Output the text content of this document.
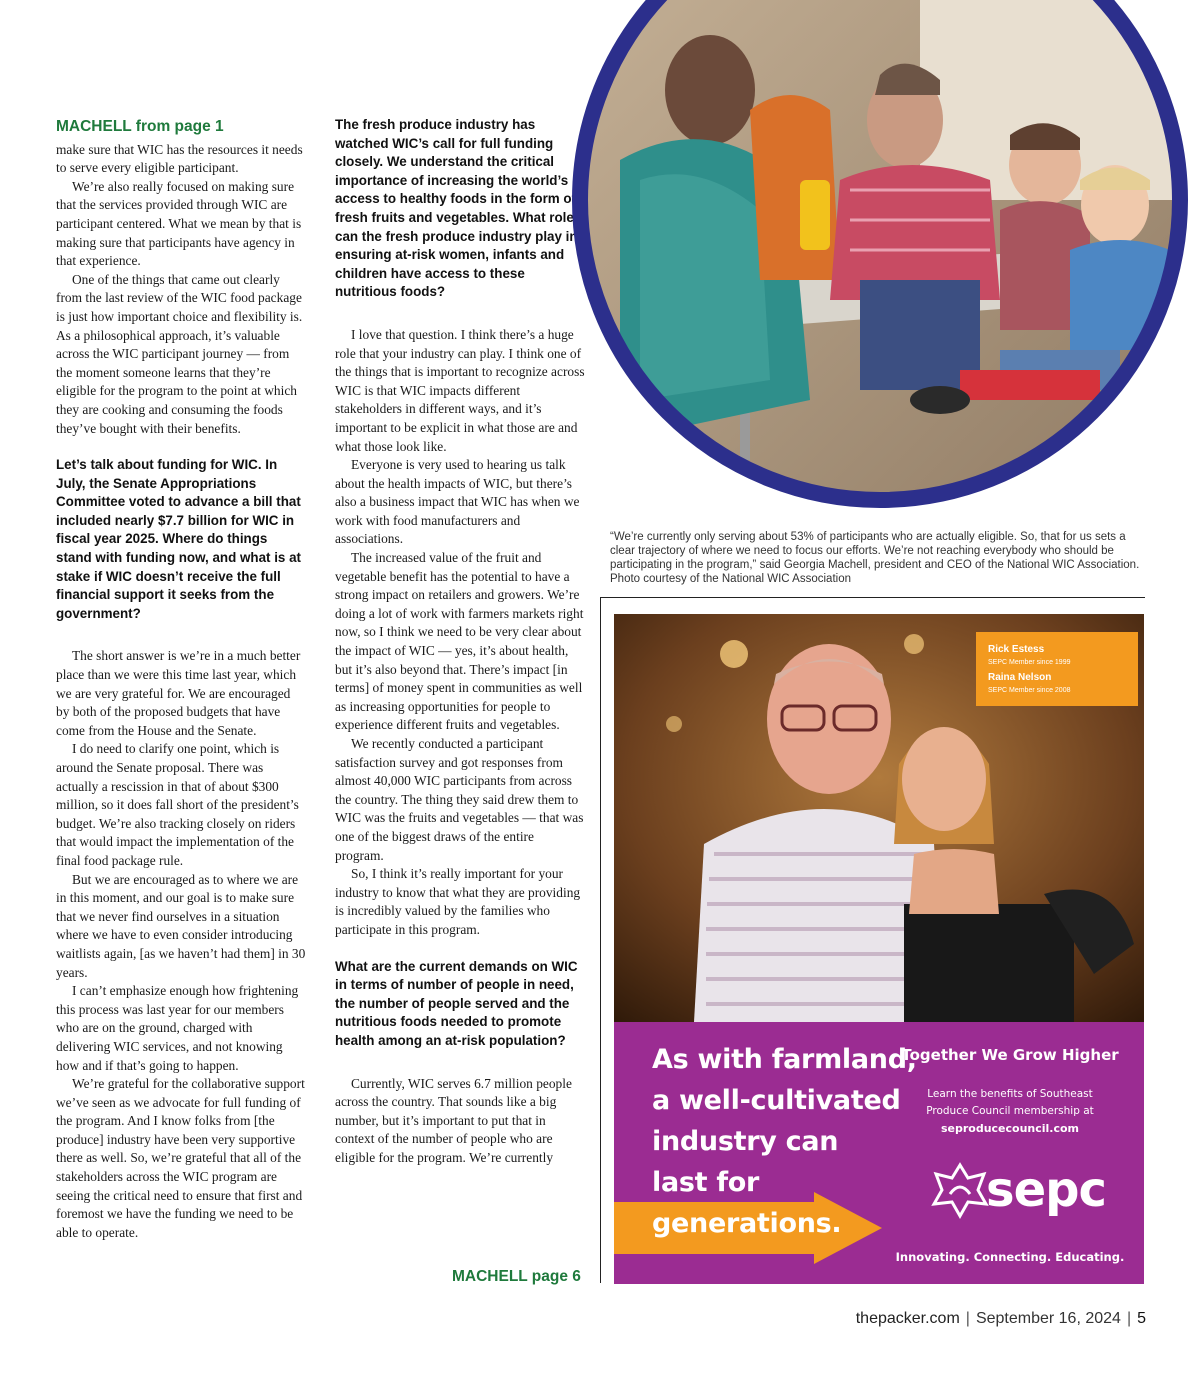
MACHELL from page 1

make sure that WIC has the resources it needs to serve every eligible participant.

We’re also really focused on making sure that the services provided through WIC are participant centered. What we mean by that is making sure that participants have agency in that experience.

One of the things that came out clearly from the last review of the WIC food package is just how important choice and flexibility is. As a philosophical approach, it’s valuable across the WIC participant journey — from the moment someone learns that they’re eligible for the program to the point at which they are cooking and consuming the foods they’ve bought with their benefits.

Let’s talk about funding for WIC. In July, the Senate Appropriations Committee voted to advance a bill that included nearly $7.7 billion for WIC in fiscal year 2025. Where do things stand with funding now, and what is at stake if WIC doesn’t receive the full financial support it seeks from the government?

The short answer is we’re in a much better place than we were this time last year, which we are very grateful for. We are encouraged by both of the proposed budgets that have come from the House and the Senate.

I do need to clarify one point, which is around the Senate proposal. There was actually a rescission in that of about $300 million, so it does fall short of the president’s budget. We’re also tracking closely on riders that would impact the implementation of the final food package rule.

But we are encouraged as to where we are in this moment, and our goal is to make sure that we never find ourselves in a situation where we have to even consider introducing waitlists again, [as we haven’t had them] in 30 years.

I can’t emphasize enough how frightening this process was last year for our members who are on the ground, charged with delivering WIC services, and not knowing how and if that’s going to happen.

We’re grateful for the collaborative support we’ve seen as we advocate for full funding of the program. And I know folks from [the produce] industry have been very supportive there as well. So, we’re grateful that all of the stakeholders across the WIC program are seeing the critical need to ensure that first and foremost we have the funding we need to be able to operate.

The fresh produce industry has watched WIC’s call for full funding closely. We understand the critical importance of increasing the world’s access to healthy foods in the form of fresh fruits and vegetables. What role can the fresh produce industry play in ensuring at-risk women, infants and children have access to these nutritious foods?

I love that question. I think there’s a huge role that your industry can play. I think one of the things that is important to recognize across WIC is that WIC impacts different stakeholders in different ways, and it’s important to be explicit in what those are and what those look like.

Everyone is very used to hearing us talk about the health impacts of WIC, but there’s also a business impact that WIC has when we work with food manufacturers and associations.

The increased value of the fruit and vegetable benefit has the potential to have a strong impact on retailers and growers. We’re doing a lot of work with farmers markets right now, so I think we need to be very clear about the impact of WIC — yes, it’s about health, but it’s also beyond that. There’s impact [in terms] of money spent in communities as well as increasing opportunities for people to experience different fruits and vegetables.

We recently conducted a participant satisfaction survey and got responses from almost 40,000 WIC participants from across the country. The thing they said drew them to WIC was the fruits and vegetables — that was one of the biggest draws of the entire program.

So, I think it’s really important for your industry to know that what they are providing is incredibly valued by the families who participate in this program.

What are the current demands on WIC in terms of number of people in need, the number of people served and the nutritious foods needed to promote health among an at-risk population?

Currently, WIC serves 6.7 million people across the country. That sounds like a big number, but it’s important to put that in context of the number of people who are eligible for the program. We’re currently

MACHELL page 6
“We’re currently only serving about 53% of participants who are actually eligible. So, that for us sets a clear trajectory of where we need to focus our efforts. We’re not reaching everybody who should be participating in the program,” said Georgia Machell, president and CEO of the National WIC Association. Photo courtesy of the National WIC Association
Rick Estess
SEPC Member since 1999
Raina Nelson
SEPC Member since 2008
As with farmland,
a well-cultivated
industry can
last for
generations.
Together We Grow Higher
Learn the benefits of Southeast
Produce Council membership at
seproducecouncil.com
sepc
Innovating. Connecting. Educating.
thepacker.com | September 16, 2024 | 5
